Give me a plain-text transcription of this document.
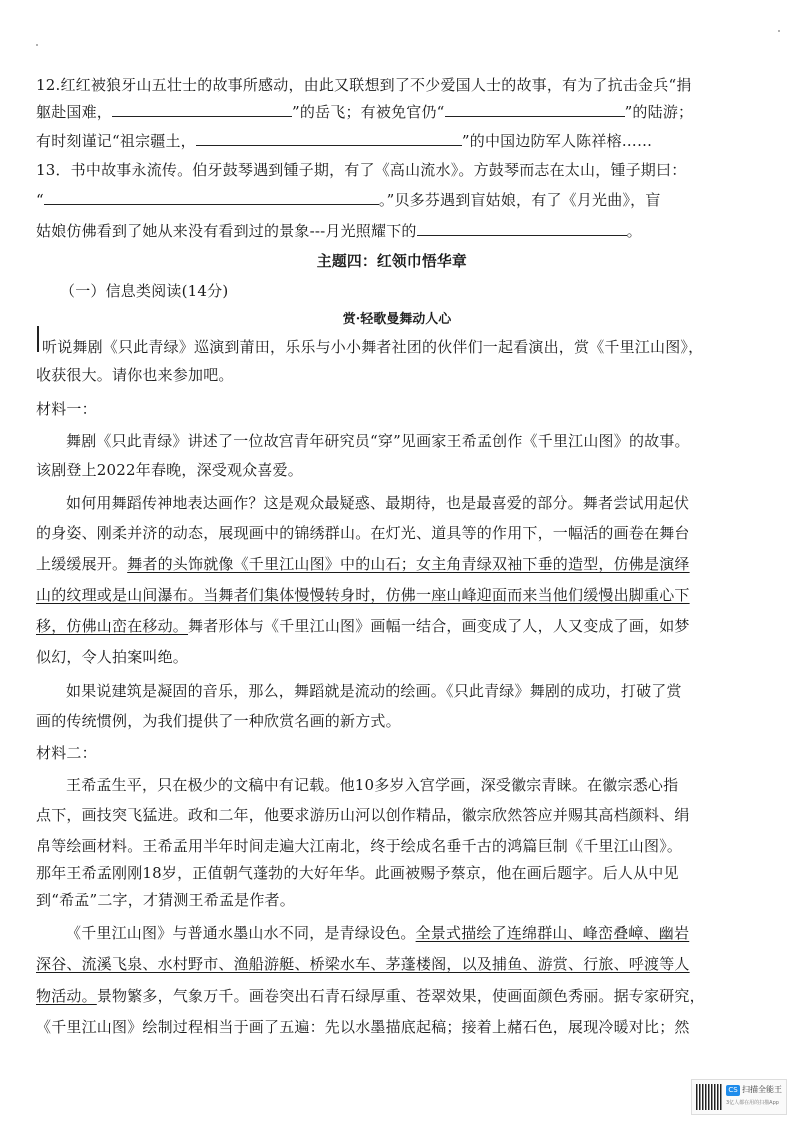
12.红红被狼牙山五壮士的故事所感动，由此又联想到了不少爱国人士的故事，有为了抗击金兵“捐
躯赴国难，	”的岳飞；有被免官仍“	”的陆游；
有时刻谨记“祖宗疆土，	”的中国边防军人陈祥榕……
13．书中故事永流传。伯牙鼓琴遇到锺子期，有了《高山流水》。方鼓琴而志在太山，锺子期曰：
“	。”贝多芬遇到盲姑娘，有了《月光曲》，盲
姑娘仿佛看到了她从来没有看到过的景象---月光照耀下的	。
主题四：红领巾悟华章
（一）信息类阅读(14分)
赏·轻歌曼舞动人心
听说舞剧《只此青绿》巡演到莆田，乐乐与小小舞者社团的伙伴们一起看演出，赏《千里江山图》，
收获很大。请你也来参加吧。
材料一：
舞剧《只此青绿》讲述了一位故宫青年研究员“穿”见画家王希孟创作《千里江山图》的故事。
该剧登上2022年春晚，深受观众喜爱。
如何用舞蹈传神地表达画作？这是观众最疑惑、最期待，也是最喜爱的部分。舞者尝试用起伏
的身姿、刚柔并济的动态，展现画中的锦绣群山。在灯光、道具等的作用下，一幅活的画卷在舞台
上缓缓展开。舞者的头饰就像《千里江山图》中的山石；女主角青绿双袖下垂的造型，仿佛是演绎
山的纹理或是山间瀑布。当舞者们集体慢慢转身时，仿佛一座山峰迎面而来当他们缓慢出脚重心下
移，仿佛山峦在移动。舞者形体与《千里江山图》画幅一结合，画变成了人，人又变成了画，如梦
似幻，令人拍案叫绝。
如果说建筑是凝固的音乐，那么，舞蹈就是流动的绘画。《只此青绿》舞剧的成功，打破了赏
画的传统惯例，为我们提供了一种欣赏名画的新方式。
材料二：
王希孟生平，只在极少的文稿中有记载。他10多岁入宫学画，深受徽宗青睐。在徽宗悉心指
点下，画技突飞猛进。政和二年，他要求游历山河以创作精品，徽宗欣然答应并赐其高档颜料、绢
帛等绘画材料。王希孟用半年时间走遍大江南北，终于绘成名垂千古的鸿篇巨制《千里江山图》。
那年王希孟刚刚18岁，正值朝气蓬勃的大好年华。此画被赐予蔡京，他在画后题字。后人从中见
到“希孟”二字，才猜测王希孟是作者。
《千里江山图》与普通水墨山水不同，是青绿设色。全景式描绘了连绵群山、峰峦叠嶂、幽岩
深谷、流溪飞泉、水村野市、渔船游艇、桥梁水车、茅蓬楼阁，以及捕鱼、游赏、行旅、呼渡等人
物活动。景物繁多，气象万千。画卷突出石青石绿厚重、苍翠效果，使画面颜色秀丽。据专家研究，
《千里江山图》绘制过程相当于画了五遍：先以水墨描底起稿；接着上赭石色，展现冷暖对比；然
CS 扫描全能王
3亿人都在用的扫描App
